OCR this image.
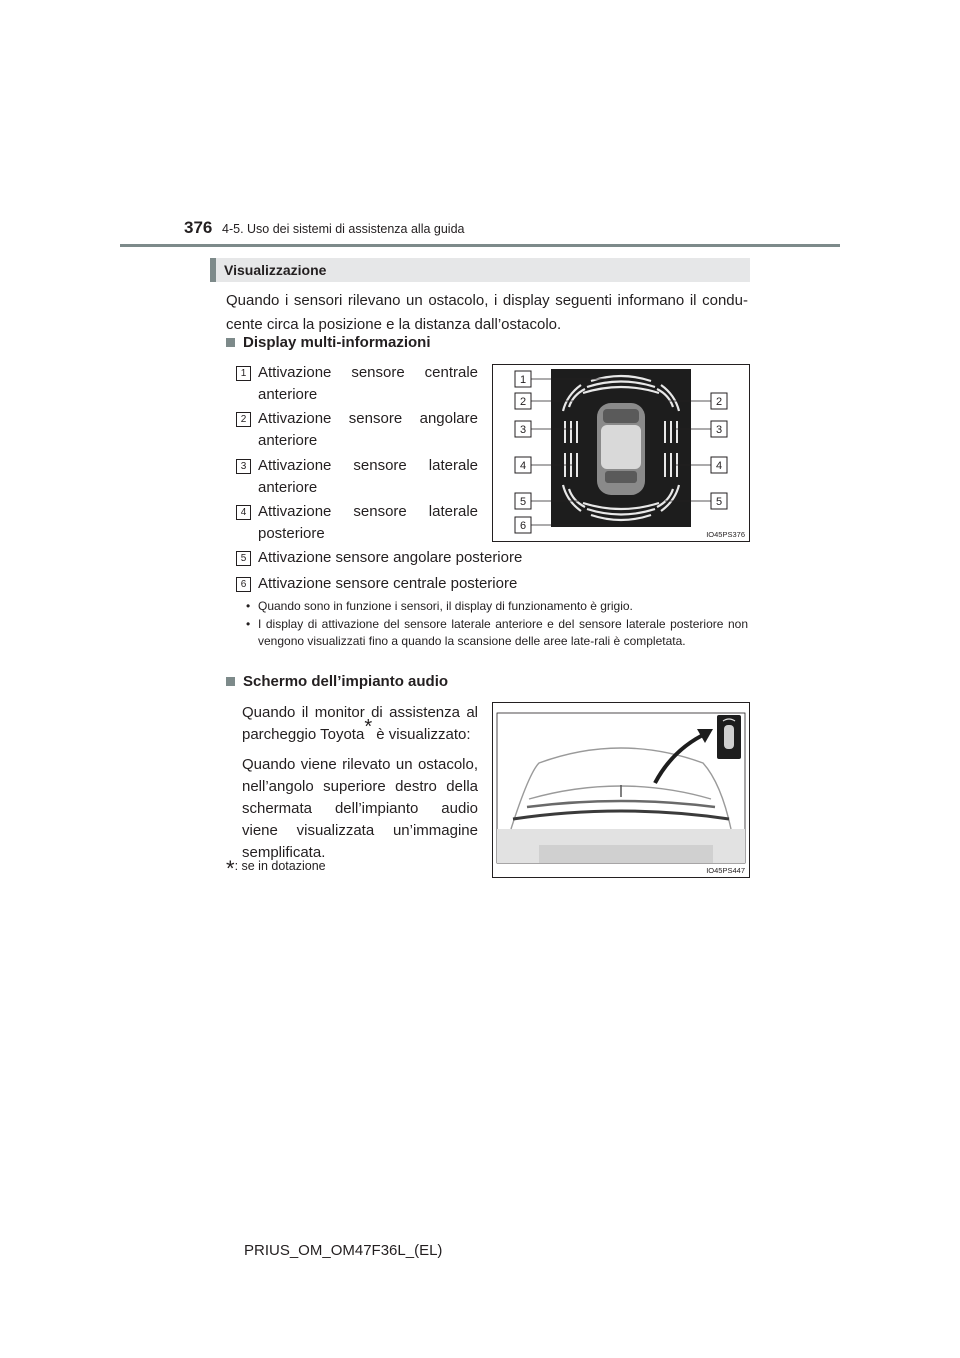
376 4-5. Uso dei sistemi di assistenza alla guida
Visualizzazione
Quando i sensori rilevano un ostacolo, i display seguenti informano il condu-cente circa la posizione e la distanza dall’ostacolo.
Display multi-informazioni
1 Attivazione sensore centrale
anteriore
2 Attivazione sensore angolare
anteriore
3 Attivazione sensore laterale
anteriore
4 Attivazione sensore laterale
posteriore
5 Attivazione sensore angolare posteriore
6 Attivazione sensore centrale posteriore
1
2	2
3	3
4	4
5	5
6
IO45PS376
• Quando sono in funzione i sensori, il display di funzionamento è grigio.
• I display di attivazione del sensore laterale anteriore e del sensore laterale posteriore non vengono visualizzati fino a quando la scansione delle aree late-rali è completata.
Schermo dell’impianto audio

Quando il monitor di assistenza al parcheggio Toyota* è visualizzato:

Quando viene rilevato un ostacolo, nell’angolo superiore destro della schermata dell’impianto audio viene visualizzata un’immagine semplificata.

IO45PS447
*: se in dotazione
PRIUS_OM_OM47F36L_(EL)
